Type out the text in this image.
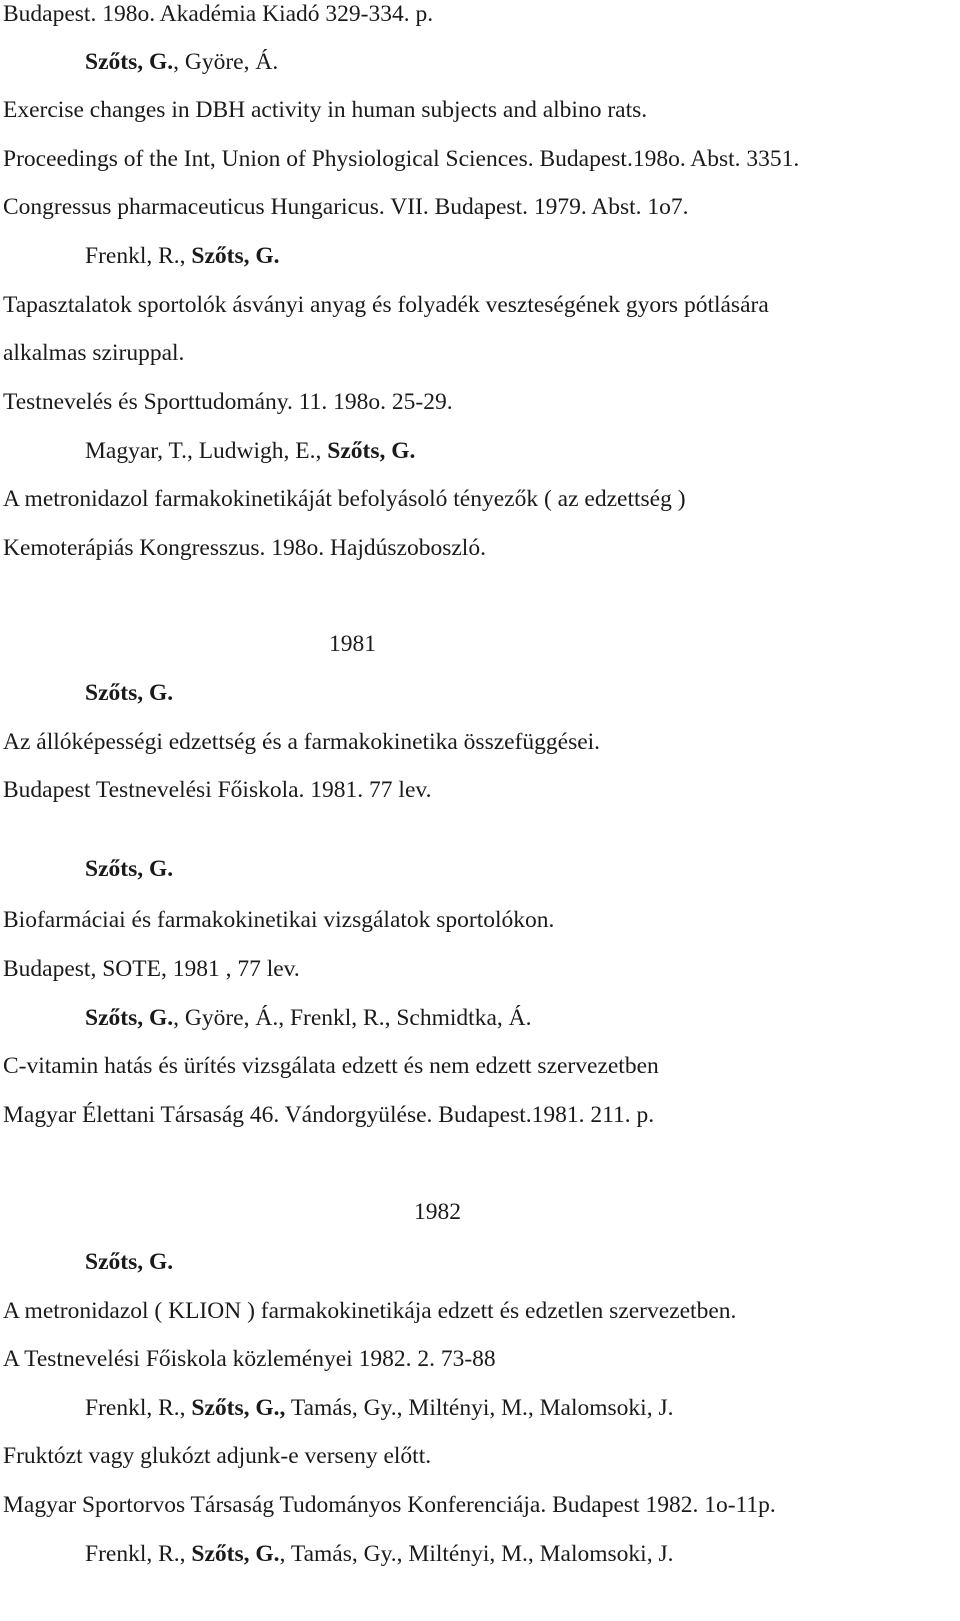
Budapest. 198o. Akadémia Kiadó 329-334. p.
Szőts, G., Györe, Á.
Exercise changes in DBH activity in human subjects and albino rats.
Proceedings of the Int, Union of Physiological Sciences. Budapest.198o. Abst. 3351.
Congressus pharmaceuticus Hungaricus. VII. Budapest. 1979. Abst. 1o7.
Frenkl, R., Szőts, G.
Tapasztalatok sportolók ásványi anyag és folyadék veszteségének gyors pótlására
alkalmas sziruppal.
Testnevelés és Sporttudomány. 11. 198o. 25-29.
Magyar, T., Ludwigh, E., Szőts, G.
A metronidazol farmakokinetikáját befolyásoló tényezők ( az edzettség )
Kemoterápiás Kongresszus. 198o. Hajdúszoboszló.
1981
Szőts, G.
Az állóképességi edzettség és a farmakokinetika összefüggései.
Budapest Testnevelési Főiskola. 1981. 77 lev.
Szőts, G.
Biofarmáciai és farmakokinetikai vizsgálatok sportolókon.
Budapest, SOTE, 1981 , 77 lev.
Szőts, G., Györe, Á., Frenkl, R., Schmidtka, Á.
C-vitamin hatás és ürítés vizsgálata edzett és nem edzett szervezetben
Magyar Élettani Társaság 46. Vándorgyülése. Budapest.1981. 211. p.
1982
Szőts, G.
A metronidazol ( KLION ) farmakokinetikája edzett és edzetlen szervezetben.
A Testnevelési Főiskola közleményei 1982. 2. 73-88
Frenkl, R., Szőts, G., Tamás, Gy., Miltényi, M., Malomsoki, J.
Fruktózt vagy glukózt adjunk-e verseny előtt.
Magyar Sportorvos Társaság Tudományos Konferenciája. Budapest 1982. 1o-11p.
Frenkl, R., Szőts, G., Tamás, Gy., Miltényi, M., Malomsoki, J.
